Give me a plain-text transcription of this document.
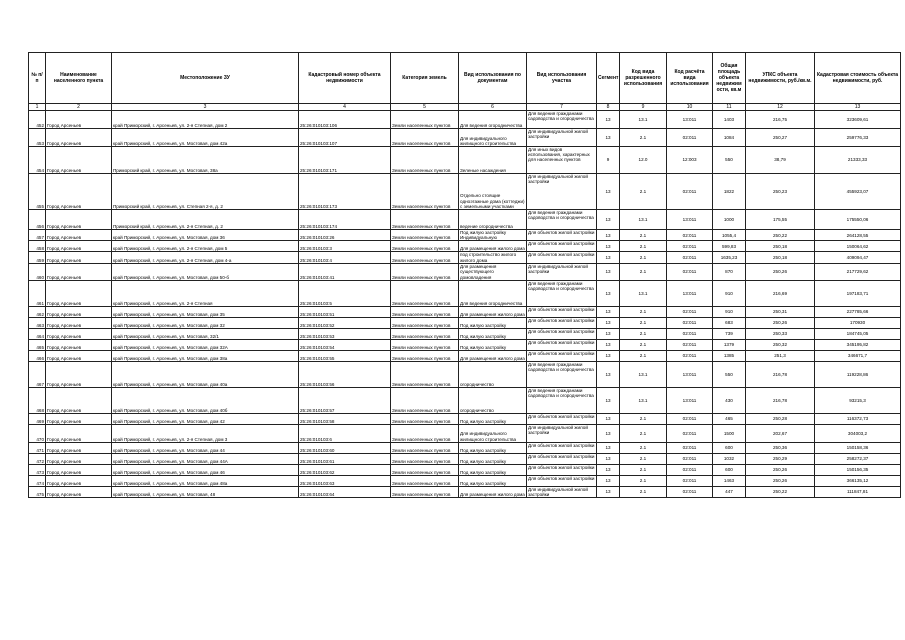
№ п/п	Наименование населенного пункта	Местоположение ЗУ	Кадастровый номер объекта недвижимости	Категория земель	Вид использования по документам	Вид использования участка	Сегмент	Код вида разрешенного использования	Код расчёта вида использования	Общая площадь объекта недвижим ости, кв.м	УПКС объекта недвижимости, руб./кв.м.	Кадастровая стоимость объекта недвижимости, руб.
1	2	3	4	5	6	7	8	9	10	11	12	13
452	Город Арсеньев	край Приморский, г. Арсеньев, ул. 2-я Степная, дом 2	25:26:010103:106	Земли населенных пунктов	Для ведения огородничества	Для ведения гражданами садоводства и огородничества	13	13.1	13:011	1403	216,75	323609,61
453	Город Арсеньев	край Приморский, г. Арсеньев, ул. Мостовая, дом 42а	25:26:010103:107	Земли населенных пунктов	Для индивидуального жилищного строительства	Для индивидуальной жилой застройки	13	2.1	02:011	1084	250,27	259776,33
454	Город Арсеньев	Приморский край, г. Арсеньев, ул. Мостовая, 38а	25:26:010103:171	Земли населенных пунктов	Зеленые насаждения	Для иных видов использования, характерных для населенных пунктов	9	12.0	12:003	550	38,79	21333,33
455	Город Арсеньев	Приморский край, г. Арсеньев, ул. Степная 2-я, д. 2	25:26:010103:173	Земли населенных пунктов	Отдельно стоящие одноэтажные дома (коттеджи) с земельными участками	Для индивидуальной жилой застройки	13	2.1	02:011	1822	250,23	455923,07
456	Город Арсеньев	Приморский край, г. Арсеньев, ул. 2-я Степная, д. 2	25:26:010103:174	Земли населенных пунктов	ведение огородничества	Для ведения гражданами садоводства и огородничества	13	13.1	13:011	1000	175,55	175550,06
457	Город Арсеньев	край Приморский, г. Арсеньев, ул. Мостовая, дом 36	25:26:010103:26	Земли населенных пунктов	Под жилую застройку Индивидуальную	Для объектов жилой застройки	13	2.1	02:011	1055,4	250,22	264128,55
458	Город Арсеньев	край Приморский, г. Арсеньев, ул. 2-я Степная, дом 5	25:26:010103:3	Земли населенных пунктов	Для размещения жилого дома	Для объектов жилой застройки	13	2.1	02:011	599,83	250,18	150064,62
459	Город Арсеньев	край Приморский, г. Арсеньев, ул. 2-я Степная, дом 4-а	25:26:010103:4	Земли населенных пунктов	под строительство жилого жилого дома	Для объектов жилой застройки	13	2.1	02:011	1635,23	250,18	409094,47
460	Город Арсеньев	край Приморский, г. Арсеньев, ул. Мостовая, дом 50-б	25:26:010103:41	Земли населенных пунктов	Для размещения существующего домовладения	Для индивидуальной жилой застройки	13	2.1	02:011	870	250,26	217729,62
461	Город Арсеньев	край Приморский, г. Арсеньев, ул. 2-я Степная	25:26:010103:5	Земли населенных пунктов	Для ведения огородничества	Для ведения гражданами садоводства и огородничества	13	13.1	13:011	910	216,69	197183,71
462	Город Арсеньев	край Приморский, г. Арсеньев, ул. Мостовая, дом 35	25:26:010103:51	Земли населенных пунктов	Для размещения жилого дома	Для объектов жилой застройки	13	2.1	02:011	910	250,31	227785,66
463	Город Арсеньев	край Приморский, г. Арсеньев, ул. Мостовая, дом 32	25:26:010103:52	Земли населенных пунктов	Под жилую застройку	Для объектов жилой застройки	13	2.1	02:011	683	250,26	170930
464	Город Арсеньев	край Приморский, г. Арсеньев, ул. Мостовая, 32/1	25:26:010103:53	Земли населенных пунктов	Под жилую застройку	Для объектов жилой застройки	13	2.1	02:011	739	250,33	184745,05
465	Город Арсеньев	край Приморский, г. Арсеньев, ул. Мостовая, дом 32А	25:26:010103:54	Земли населенных пунктов	Под жилую застройку	Для объектов жилой застройки	13	2.1	02:011	1379	250,32	345195,82
466	Город Арсеньев	край Приморский, г. Арсеньев, ул. Мостовая, дом 38а	25:26:010103:55	Земли населенных пунктов	Для размещения жилого дома	Для объектов жилой застройки	13	2.1	02:011	1385	251,3	346671,7
467	Город Арсеньев	край Приморский, г. Арсеньев, ул. Мостовая, дом 40а	25:26:010103:56	Земли населенных пунктов	огородничество	Для ведения гражданами садоводства и огородничества	13	13.1	13:011	550	216,78	119228,86
468	Город Арсеньев	край Приморский, г. Арсеньев, ул. Мостовая, дом 40б	25:26:010103:57	Земли населенных пунктов	огородничество	Для ведения гражданами садоводства и огородничества	13	13.1	13:011	430	216,78	93215,3
469	Город Арсеньев	край Приморский, г. Арсеньев, ул. Мостовая, дом 42	25:26:010103:58	Земли населенных пунктов	Под жилую застройку	Для объектов жилой застройки	13	2.1	02:011	465	250,28	116372,73
470	Город Арсеньев	край Приморский, г. Арсеньев, ул. 2-я Степная, дом 3	25:26:010103:6	Земли населенных пунктов	Для индивидуального жилищного строительства	Для индивидуальной жилой застройки	13	2.1	02:011	1500	202,67	304003,2
471	Город Арсеньев	край Приморский, г. Арсеньев, ул. Мостовая, дом 44	25:26:010103:60	Земли населенных пунктов	Под жилую застройку	Для объектов жилой застройки	13	2.1	02:011	600	250,36	150158,36
472	Город Арсеньев	край Приморский, г. Арсеньев, ул. Мостовая, дом 44А	25:26:010103:61	Земли населенных пунктов	Под жилую застройку	Для объектов жилой застройки	13	2.1	02:011	1032	250,29	258272,37
473	Город Арсеньев	край Приморский, г. Арсеньев, ул. Мостовая, дом 46	25:26:010103:62	Земли населенных пунктов	Под жилую застройку	Для объектов жилой застройки	13	2.1	02:011	600	250,26	150156,35
474	Город Арсеньев	край Приморский, г. Арсеньев, ул. Мостовая, дом 48а	25:26:010103:63	Земли населенных пунктов	Под жилую застройку	Для объектов жилой застройки	13	2.1	02:011	1463	250,26	366135,12
475	Город Арсеньев	край Приморский, г. Арсеньев, ул. Мостовая, 48	25:26:010103:64	Земли населенных пунктов	Для размещения жилого дома	Для индивидуальной жилой застройки	13	2.1	02:011	447	250,22	111847,81
